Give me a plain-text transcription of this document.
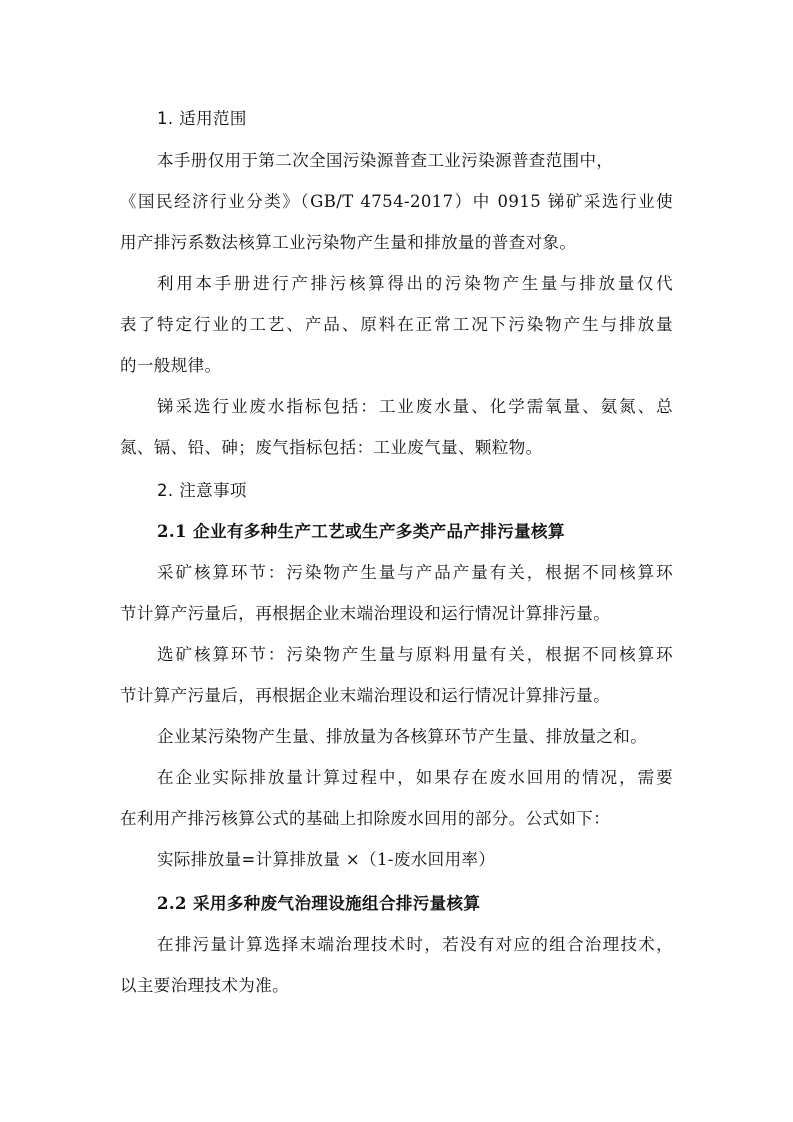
1. 适用范围
本手册仅用于第二次全国污染源普查工业污染源普查范围中，
《国民经济行业分类》（GB/T 4754-2017）中 0915 锑矿采选行业使
用产排污系数法核算工业污染物产生量和排放量的普查对象。
利用本手册进行产排污核算得出的污染物产生量与排放量仅代
表了特定行业的工艺、产品、原料在正常工况下污染物产生与排放量
的一般规律。
锑采选行业废水指标包括：工业废水量、化学需氧量、氨氮、总
氮、镉、铅、砷；废气指标包括：工业废气量、颗粒物。
2. 注意事项
2.1 企业有多种生产工艺或生产多类产品产排污量核算
采矿核算环节：污染物产生量与产品产量有关，根据不同核算环
节计算产污量后，再根据企业末端治理设和运行情况计算排污量。
选矿核算环节：污染物产生量与原料用量有关，根据不同核算环
节计算产污量后，再根据企业末端治理设和运行情况计算排污量。
企业某污染物产生量、排放量为各核算环节产生量、排放量之和。
在企业实际排放量计算过程中，如果存在废水回用的情况，需要
在利用产排污核算公式的基础上扣除废水回用的部分。公式如下：
实际排放量=计算排放量 ×（1-废水回用率）
2.2 采用多种废气治理设施组合排污量核算
在排污量计算选择末端治理技术时，若没有对应的组合治理技术，
以主要治理技术为准。
